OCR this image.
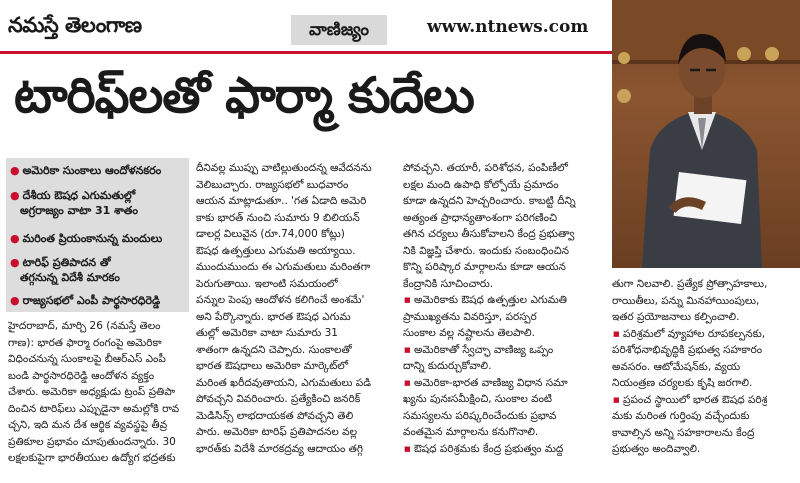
నమస్తే తెలంగాణ	వాణిజ్యం	www.ntnews.com
టారిఫ్‌లతో ఫార్మా కుదేలు
● అమెరికా సుంకాలు ఆందోళనకరం
● దేశీయ ఔషధ ఎగుమతుల్లో
అగ్రరాజ్యం వాటా 31 శాతం
● మరింత ప్రియంకానున్న మందులు
● టారిఫ్ ప్రతిపాదన తో
తగ్గనున్న విదేశీ మారకం
● రాజ్యసభలో ఎంపీ పార్థసారధిరెడ్డి
హైదరాబాద్, మార్చి 26 (నమస్తే తెలం
గాణ): భారత ఫార్మా రంగంపై అమెరికా
విధించనున్న సుంకాలపై బీఆర్ఎస్ ఎంపీ
బండి పార్థసారధిరెడ్డి ఆందోళన వ్యక్తం
చేశారు. అమెరికా అధ్యక్షుడు ట్రంప్ ప్రతిపా
దించిన టారిఫ్‌లు ఎప్పుడైనా అమల్లోకి రావ
చ్చని, ఇది మన దేశ ఆర్థిక వ్యవస్థపై తీవ్ర
ప్రతికూల ప్రభావం చూపుతుందన్నారు. 30
లక్షలకుపైగా భారతీయుల ఉద్యోగ భద్రతకు
దీనివల్ల ముప్పు వాటిల్లుతుందన్న ఆవేదనను
వెలిబుచ్చారు. రాజ్యసభలో బుధవారం
ఆయన మాట్లాడుతూ.. 'గత ఏడాది అమెరి
కాకు భారత్ నుంచి సుమారు 9 బిలియన్
డాలర్ల విలువైన (రూ.74,000 కోట్లు)
ఔషధ ఉత్పత్తులు ఎగుమతి అయ్యాయి.
ముందుముందు ఈ ఎగుమతులు మరింతగా
పెరుగుతాయి. ఇలాంటి సమయంలో
పన్నుల పెంపు ఆందోళన కలిగించే అంశమే'
అని పేర్కొన్నారు. భారత ఔషధ ఎగుమ
తుల్లో అమెరికా వాటా సుమారు 31
శాతంగా ఉన్నదని చెప్పారు. సుంకాలతో
భారత ఔషధాలు అమెరికా మార్కెట్‌లో
మరింత ఖరీదవుతాయని, ఎగుమతులు పడి
పోవచ్చని వివరించారు. ప్రత్యేకించి జనరిక్
మెడిసిన్స్ లాభదాయకత పోవచ్చని తెలి
పారు. అమెరికా టారిఫ్ ప్రతిపాదనల వల్ల
భారత్‌కు విదేశీ మారకద్రవ్య ఆదాయం తగ్గి
పోవచ్చని. తయారీ, పరిశోధన, పంపిణీలో
లక్షల మంది ఉపాధి కోల్పోయే ప్రమాదం
కూడా ఉన్నదని హెచ్చరించారు. కాబట్టి దీన్ని
అత్యంత ప్రాధాన్యతాంశంగా పరిగణించి
తగిన చర్యలు తీసుకోవాలని కేంద్ర ప్రభుత్వా
నికి విజ్ఞప్తి చేశారు. ఇందుకు సంబంధించిన
కొన్ని పరిష్కార మార్గాలను కూడా ఆయన
కేంద్రానికి సూచించారు.
■ అమెరికాకు ఔషధ ఉత్పత్తుల ఎగుమతి
ప్రాముఖ్యతను వివరిస్తూ, పరస్పర
సుంకాల వల్ల నష్టాలను తెలపాలి.
■ అమెరికాతో స్వేచ్ఛా వాణిజ్య ఒప్పం
దాన్ని కుదుర్చుకోవాలి.
■ అమెరికా-భారత వాణిజ్య విధాన సమా
ఖ్యను పునఃసమీక్షించి, సుంకాల వంటి
సమస్యలను పరిష్కరించేందుకు ప్రభావ
వంతమైన మార్గాలను కనుగొనాలి.
■ ఔషధ పరిశ్రమకు కేంద్ర ప్రభుత్వం మద్ద
తుగా నిలవాలి. ప్రత్యేక ప్రోత్సాహకాలు,
రాయితీలు, పన్ను మినహాయింపులు,
ఇతర ప్రయోజనాలు కల్పించాలి.
■ పరిశ్రమలో వ్యూహాల రూపకల్పనకు,
పరిశోధనాభివృద్ధికి ప్రభుత్వ సహకారం
అవసరం. ఆటోమేషన్‌కు, వ్యయ
నియంత్రణ చర్యలకు కృషి జరగాలి.
■ ప్రపంచ స్థాయిలో భారత ఔషధ పరిశ్ర
మకు మరింత గుర్తింపు వచ్చేందుకు
కావాల్సిన అన్ని సహకారాలను కేంద్ర
ప్రభుత్వం అందివ్వాలి.
